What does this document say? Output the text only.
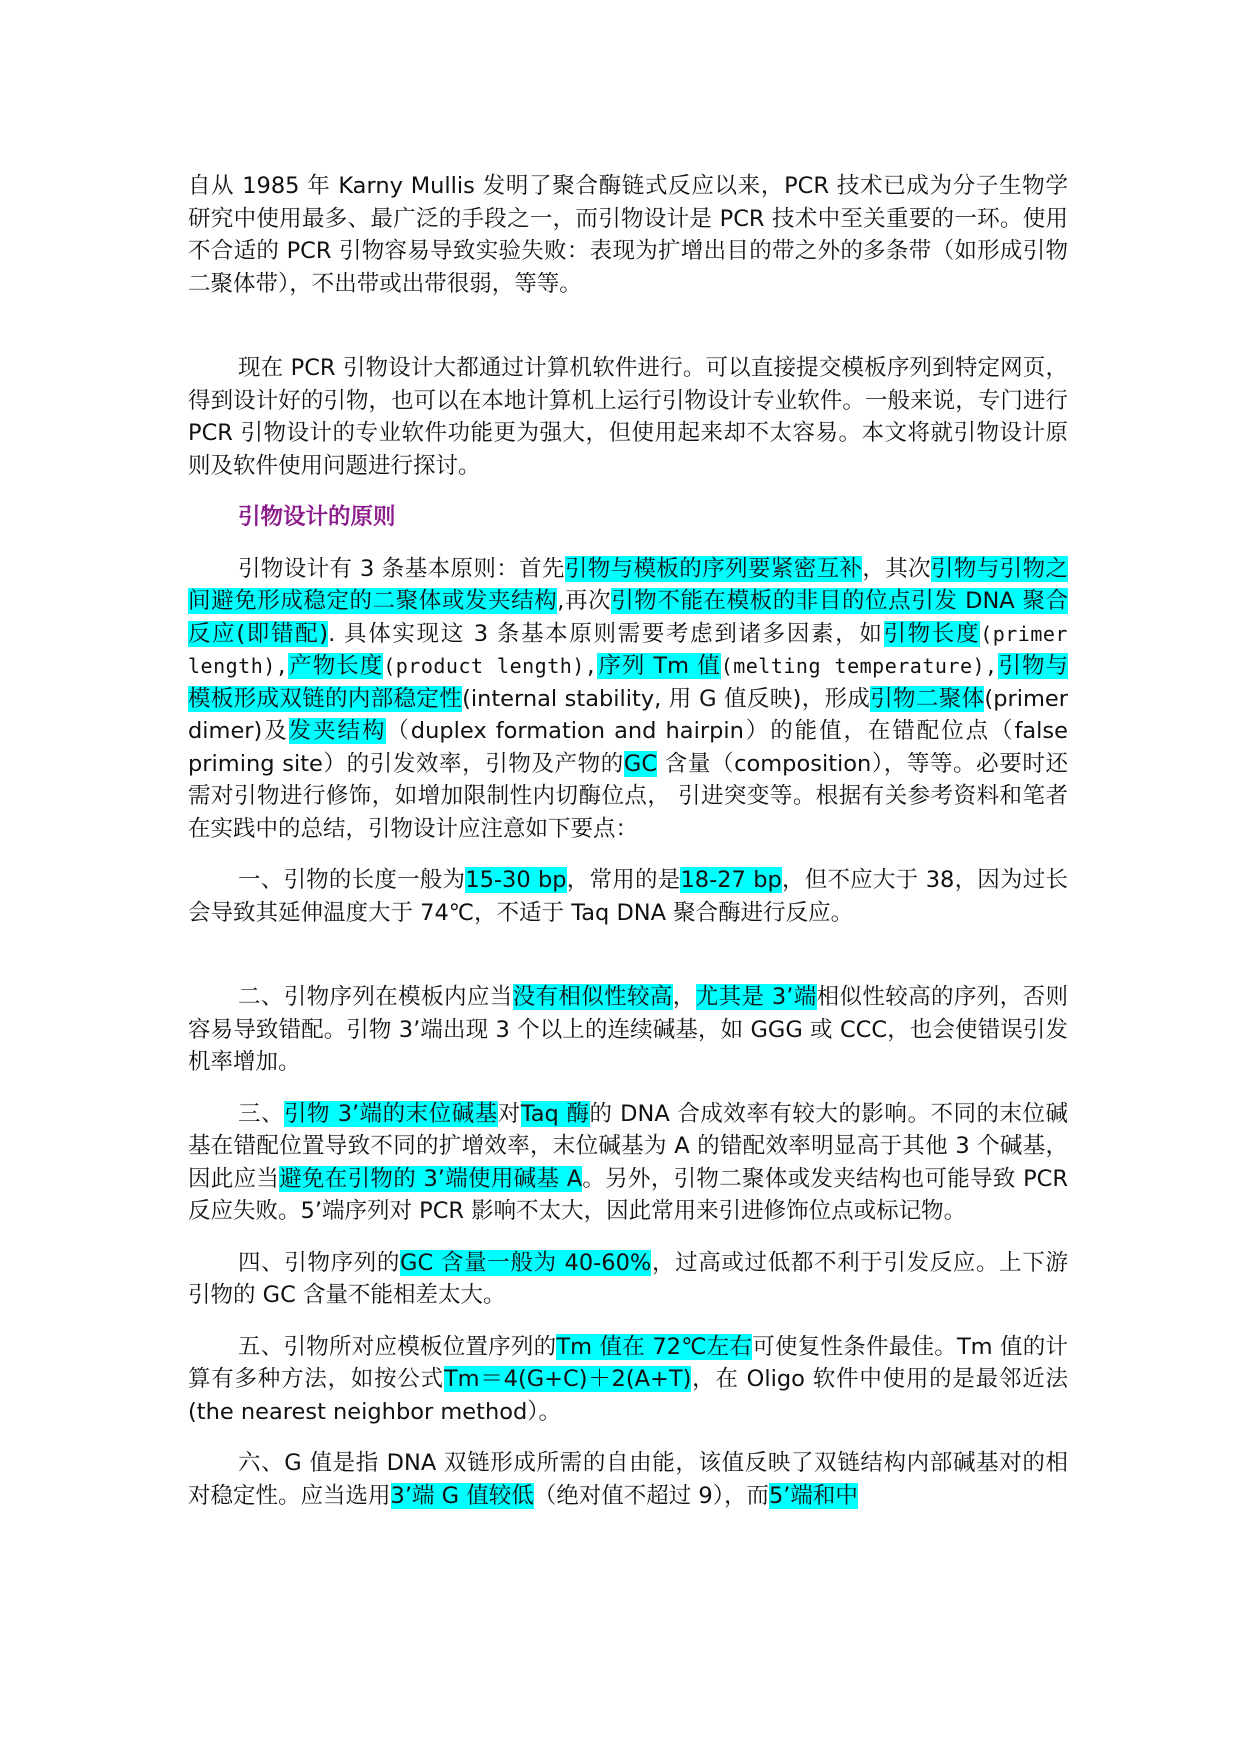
自从 1985 年 Karny Mullis 发明了聚合酶链式反应以来，PCR 技术已成为分子生物学研究中使用最多、最广泛的手段之一，而引物设计是 PCR 技术中至关重要的一环。使用不合适的 PCR 引物容易导致实验失败：表现为扩增出目的带之外的多条带（如形成引物二聚体带），不出带或出带很弱，等等。

现在 PCR 引物设计大都通过计算机软件进行。可以直接提交模板序列到特定网页，得到设计好的引物，也可以在本地计算机上运行引物设计专业软件。一般来说，专门进行 PCR 引物设计的专业软件功能更为强大，但使用起来却不太容易。本文将就引物设计原则及软件使用问题进行探讨。

引物设计的原则

引物设计有 3 条基本原则：首先引物与模板的序列要紧密互补，其次引物与引物之间避免形成稳定的二聚体或发夹结构,再次引物不能在模板的非目的位点引发 DNA 聚合反应(即错配). 具体实现这 3 条基本原则需要考虑到诸多因素，如引物长度(primer length),产物长度(product length),序列 Tm 值(melting temperature),引物与模板形成双链的内部稳定性(internal stability, 用 G 值反映)，形成引物二聚体(primer dimer)及发夹结构（duplex formation and hairpin）的能值，在错配位点（false priming site）的引发效率，引物及产物的GC 含量（composition），等等。必要时还需对引物进行修饰，如增加限制性内切酶位点， 引进突变等。根据有关参考资料和笔者在实践中的总结，引物设计应注意如下要点：

一、引物的长度一般为15-30 bp，常用的是18-27 bp，但不应大于 38，因为过长会导致其延伸温度大于 74℃，不适于 Taq DNA 聚合酶进行反应。

二、引物序列在模板内应当没有相似性较高，尤其是 3’端相似性较高的序列，否则容易导致错配。引物 3’端出现 3 个以上的连续碱基，如 GGG 或 CCC，也会使错误引发机率增加。

三、引物 3’端的末位碱基对Taq 酶的 DNA 合成效率有较大的影响。不同的末位碱基在错配位置导致不同的扩增效率，末位碱基为 A 的错配效率明显高于其他 3 个碱基，因此应当避免在引物的 3’端使用碱基 A。另外，引物二聚体或发夹结构也可能导致 PCR 反应失败。5’端序列对 PCR 影响不太大，因此常用来引进修饰位点或标记物。

四、引物序列的GC 含量一般为 40-60%，过高或过低都不利于引发反应。上下游引物的 GC 含量不能相差太大。

五、引物所对应模板位置序列的Tm 值在 72℃左右可使复性条件最佳。Tm 值的计算有多种方法，如按公式Tm＝4(G+C)＋2(A+T)，在 Oligo 软件中使用的是最邻近法(the nearest neighbor method）。

六、G 值是指 DNA 双链形成所需的自由能，该值反映了双链结构内部碱基对的相对稳定性。应当选用3’端 G 值较低（绝对值不超过 9），而5’端和中
